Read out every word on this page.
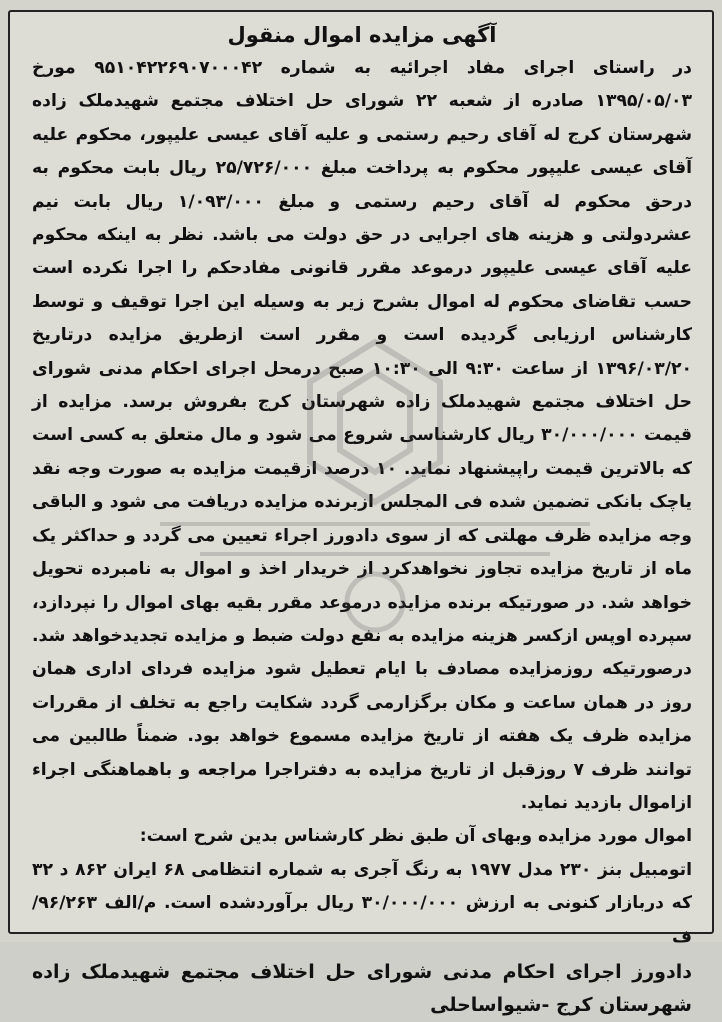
آگهی مزایده اموال منقول

در راستای اجرای مفاد اجرائیه به شماره ۹۵۱۰۴۲۲۶۹۰۷۰۰۰۴۲ مورخ ۱۳۹۵/۰۵/۰۳ صادره از شعبه ۲۲ شورای حل اختلاف مجتمع شهیدملک زاده شهرستان کرج له آقای رحیم رستمی و علیه آقای عیسی علیپور، محکوم علیه آقای عیسی علیپور محکوم به پرداخت مبلغ ۲۵/۷۲۶/۰۰۰ ریال بابت محکوم به درحق محکوم له آقای رحیم رستمی و مبلغ ۱/۰۹۳/۰۰۰ ریال بابت نیم عشردولتی و هزینه های اجرایی در حق دولت می باشد. نظر به اینکه محکوم علیه آقای عیسی علیپور درموعد مقرر قانونی مفادحکم را اجرا نکرده است حسب تقاضای محکوم له اموال بشرح زیر به وسیله این اجرا توقیف و توسط کارشناس ارزیابی گردیده است و مقرر است ازطریق مزایده درتاریخ ۱۳۹۶/۰۳/۲۰ از ساعت ۹:۳۰ الی ۱۰:۳۰ صبح درمحل اجرای احکام مدنی شورای حل اختلاف مجتمع شهیدملک زاده شهرستان کرج بفروش برسد. مزایده از قیمت ۳۰/۰۰۰/۰۰۰ ریال کارشناسی شروع می شود و مال متعلق به کسی است که بالاترین قیمت راپیشنهاد نماید. ۱۰ درصد ازقیمت مزایده به صورت وجه نقد یاچک بانکی تضمین شده فی المجلس ازبرنده مزایده دریافت می شود و الباقی وجه مزایده ظرف مهلتی که از سوی دادورز اجراء تعیین می گردد و حداکثر یک ماه از تاریخ مزایده تجاوز نخواهدکرد از خریدار اخذ و اموال به نامبرده تحویل خواهد شد. در صورتیکه برنده مزایده درموعد مقرر بقیه بهای اموال را نپردازد، سپرده اوپس ازکسر هزینه مزایده به نفع دولت ضبط و مزایده تجدیدخواهد شد. درصورتیکه روزمزایده مصادف با ایام تعطیل شود مزایده فردای اداری همان روز در همان ساعت و مکان برگزارمی گردد شکایت راجع به تخلف از مقررات مزایده ظرف یک هفته از تاریخ مزایده مسموع خواهد بود. ضمناً طالبین می توانند ظرف ۷ روزقبل از تاریخ مزایده به دفتراجرا مراجعه و باهماهنگی اجراء ازاموال بازدید نماید.

اموال مورد مزایده وبهای آن طبق نظر کارشناس بدین شرح است:

اتومبیل بنز ۲۳۰ مدل ۱۹۷۷ به رنگ آجری به شماره انتظامی ۶۸ ایران ۸۶۲ د ۳۲ که دربازار کنونی به ارزش ۳۰/۰۰۰/۰۰۰ ریال برآوردشده است. م/الف ۹۶/۲۶۳/ف

دادورز اجرای احکام مدنی شورای حل اختلاف مجتمع شهیدملک زاده شهرستان کرج -شیواساحلی
